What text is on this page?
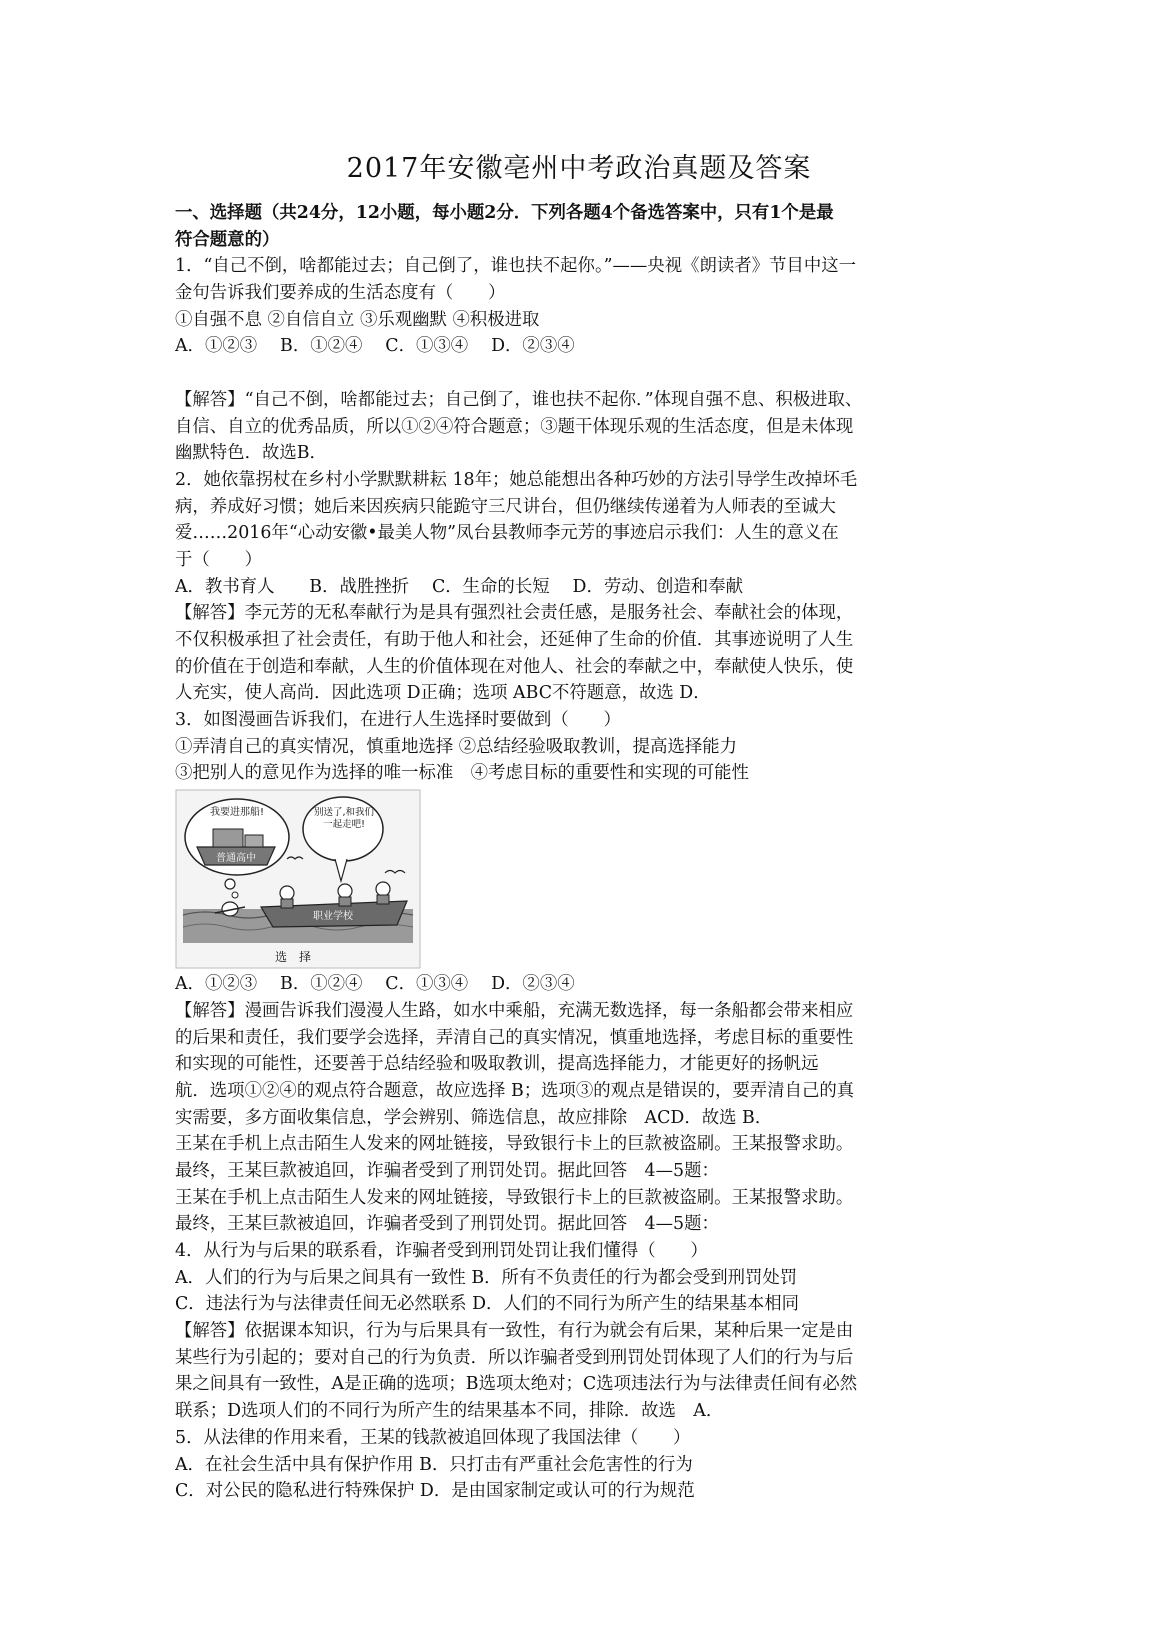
2017年安徽亳州中考政治真题及答案
一、选择题（共24分，12小题，每小题2分．下列各题4个备选答案中，只有1个是最
符合题意的）
1．“自己不倒，啥都能过去；自己倒了，谁也扶不起你。”——央视《朗读者》节目中这一
金句告诉我们要养成的生活态度有（　　）
①自强不息 ②自信自立 ③乐观幽默 ④积极进取
A．①②③　 B．①②④　 C．①③④　 D．②③④
【解答】“自己不倒，啥都能过去；自己倒了，谁也扶不起你．”体现自强不息、积极进取、
自信、自立的优秀品质，所以①②④符合题意；③题干体现乐观的生活态度，但是未体现
幽默特色．故选B．
2．她依靠拐杖在乡村小学默默耕耘 18年；她总能想出各种巧妙的方法引导学生改掉坏毛
病，养成好习惯；她后来因疾病只能跪守三尺讲台，但仍继续传递着为人师表的至诚大
爱……2016年“心动安徽•最美人物”凤台县教师李元芳的事迹启示我们：人生的意义在
于（　　）
A．教书育人　　B．战胜挫折　 C．生命的长短　 D．劳动、创造和奉献
【解答】李元芳的无私奉献行为是具有强烈社会责任感，是服务社会、奉献社会的体现，
不仅积极承担了社会责任，有助于他人和社会，还延伸了生命的价值．其事迹说明了人生
的价值在于创造和奉献，人生的价值体现在对他人、社会的奉献之中，奉献使人快乐，使
人充实，使人高尚．因此选项 D正确；选项 ABC不符题意，故选 D．
3．如图漫画告诉我们，在进行人生选择时要做到（　　）
①弄清自己的真实情况，慎重地选择 ②总结经验吸取教训，提高选择能力
③把别人的意见作为选择的唯一标准　④考虑目标的重要性和实现的可能性
普通高中
我要进那船!	别送了,和我们一起走吧!
职业学校
选　择
A．①②③　 B．①②④　 C．①③④　 D．②③④
【解答】漫画告诉我们漫漫人生路，如水中乘船，充满无数选择，每一条船都会带来相应
的后果和责任，我们要学会选择，弄清自己的真实情况，慎重地选择，考虑目标的重要性
和实现的可能性，还要善于总结经验和吸取教训，提高选择能力，才能更好的扬帆远
航．选项①②④的观点符合题意，故应选择 B；选项③的观点是错误的，要弄清自己的真
实需要，多方面收集信息，学会辨别、筛选信息，故应排除　ACD．故选 B．
王某在手机上点击陌生人发来的网址链接，导致银行卡上的巨款被盗刷。王某报警求助。
最终，王某巨款被追回，诈骗者受到了刑罚处罚。据此回答　4—5题：
王某在手机上点击陌生人发来的网址链接，导致银行卡上的巨款被盗刷。王某报警求助。
最终，王某巨款被追回，诈骗者受到了刑罚处罚。据此回答　4—5题：
4．从行为与后果的联系看，诈骗者受到刑罚处罚让我们懂得（　　）
A．人们的行为与后果之间具有一致性 B．所有不负责任的行为都会受到刑罚处罚
C．违法行为与法律责任间无必然联系 D．人们的不同行为所产生的结果基本相同
【解答】依据课本知识，行为与后果具有一致性，有行为就会有后果，某种后果一定是由
某些行为引起的；要对自己的行为负责．所以诈骗者受到刑罚处罚体现了人们的行为与后
果之间具有一致性，A是正确的选项；B选项太绝对；C选项违法行为与法律责任间有必然
联系；D选项人们的不同行为所产生的结果基本不同，排除．故选　A．
5．从法律的作用来看，王某的钱款被追回体现了我国法律（　　）
A．在社会生活中具有保护作用 B．只打击有严重社会危害性的行为
C．对公民的隐私进行特殊保护 D．是由国家制定或认可的行为规范
